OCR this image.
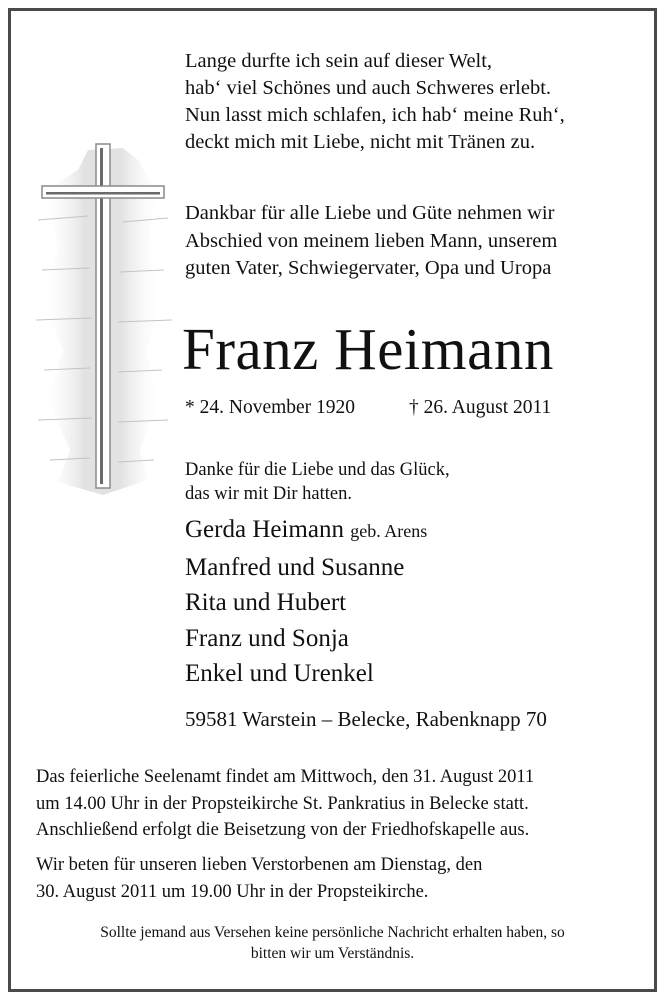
Lange durfte ich sein auf dieser Welt,
hab‘ viel Schönes und auch Schweres erlebt.
Nun lasst mich schlafen, ich hab‘ meine Ruh‘,
deckt mich mit Liebe, nicht mit Tränen zu.
Dankbar für alle Liebe und Güte nehmen wir
Abschied von meinem lieben Mann, unserem
guten Vater, Schwiegervater, Opa und Uropa
Franz Heimann
* 24. November 1920	† 26. August 2011
Danke für die Liebe und das Glück,
das wir mit Dir hatten.
Gerda Heimann geb. Arens
Manfred und Susanne
Rita und Hubert
Franz und Sonja
Enkel und Urenkel
59581 Warstein – Belecke, Rabenknapp 70
Das feierliche Seelenamt findet am Mittwoch, den 31. August 2011
um 14.00 Uhr in der Propsteikirche St. Pankratius in Belecke statt.
Anschließend erfolgt die Beisetzung von der Friedhofskapelle aus.
Wir beten für unseren lieben Verstorbenen am Dienstag, den
30. August 2011 um 19.00 Uhr in der Propsteikirche.
Sollte jemand aus Versehen keine persönliche Nachricht erhalten haben, so
bitten wir um Verständnis.
